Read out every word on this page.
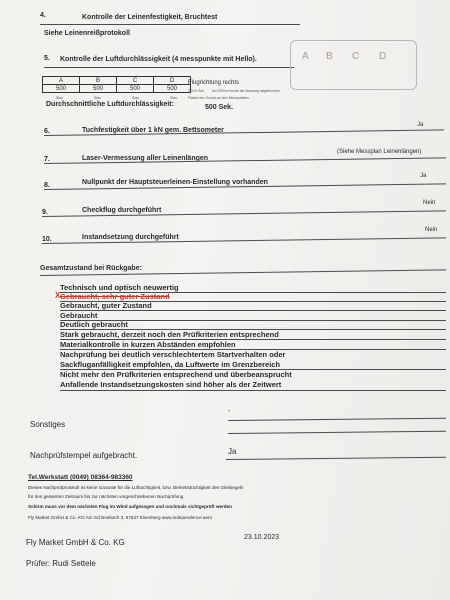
4.	Kontrolle der Leinenfestigkeit, Bruchtest
Siehe Leinenreißprotokoll
5. Kontrolle der Luftdurchlässigkeit (4 messpunkte mit Hello).	A B C D
A	B	C	D
500	500	500	500
Stau	Stau	Stau	Stau
Flugrichtung rechts
Zeit in Sek. bei 3000ml wurde die Messung abgebrochen
Fläche des Tuches an den Messpunkten
Durchschnittliche Luftdurchlässigkeit:	500 Sek.
6.	Tuchfestigkeit über 1 kN gem. Bettsometer
Ja
7.	Laser-Vermessung aller Leinenlängen
(Siehe Messplan Leinenlängen)
8.	Nullpunkt der Hauptsteuerleinen-Einstellung vorhanden
Ja
9.	Checkflug durchgeführt
Nein
10.	Instandsetzung durchgeführt
Nein
Gesamtzustand bei Rückgabe:
X
Technisch und optisch neuwertig
Gebraucht, sehr guter Zustand
Gebraucht, guter Zustand
Gebraucht
Deutlich gebraucht
Stark gebraucht, derzeit noch den Prüfkriterien entsprechend
Materialkontrolle in kurzen Abständen empfohlen
Nachprüfung bei deutlich verschlechtertem Startverhalten oder
Sackfluganfälligkeit empfohlen, da Luftwerte im Grenzbereich
Nicht mehr den Prüfkriterien entsprechend und überbeansprucht
Anfallende Instandsetzungskosten sind höher als der Zeitwert
Sonstiges
-
Nachprüfstempel aufgebracht.	Ja
Tel.Werkstatt (0049) 08364-983360
Dieses Nachprüfprotokoll ist keine Garantie für die Lufttüchtigkeit, bzw. Betriebstüchtigkeit des Gleitsegels
für den gesamten Zeitraum bis zur nächsten vorgeschriebenen Nachprüfung
Schirm muss vor dem nächsten Flug im Wind aufgezogen und nochmals sichtgeprüft werden
Fly Market GmbH & Co. KG Am Schönebach 3, 87637 Eisenberg www.independence.aero
Fly Market GmbH & Co. KG
23.10.2023
Prüfer: Rudi Settele
